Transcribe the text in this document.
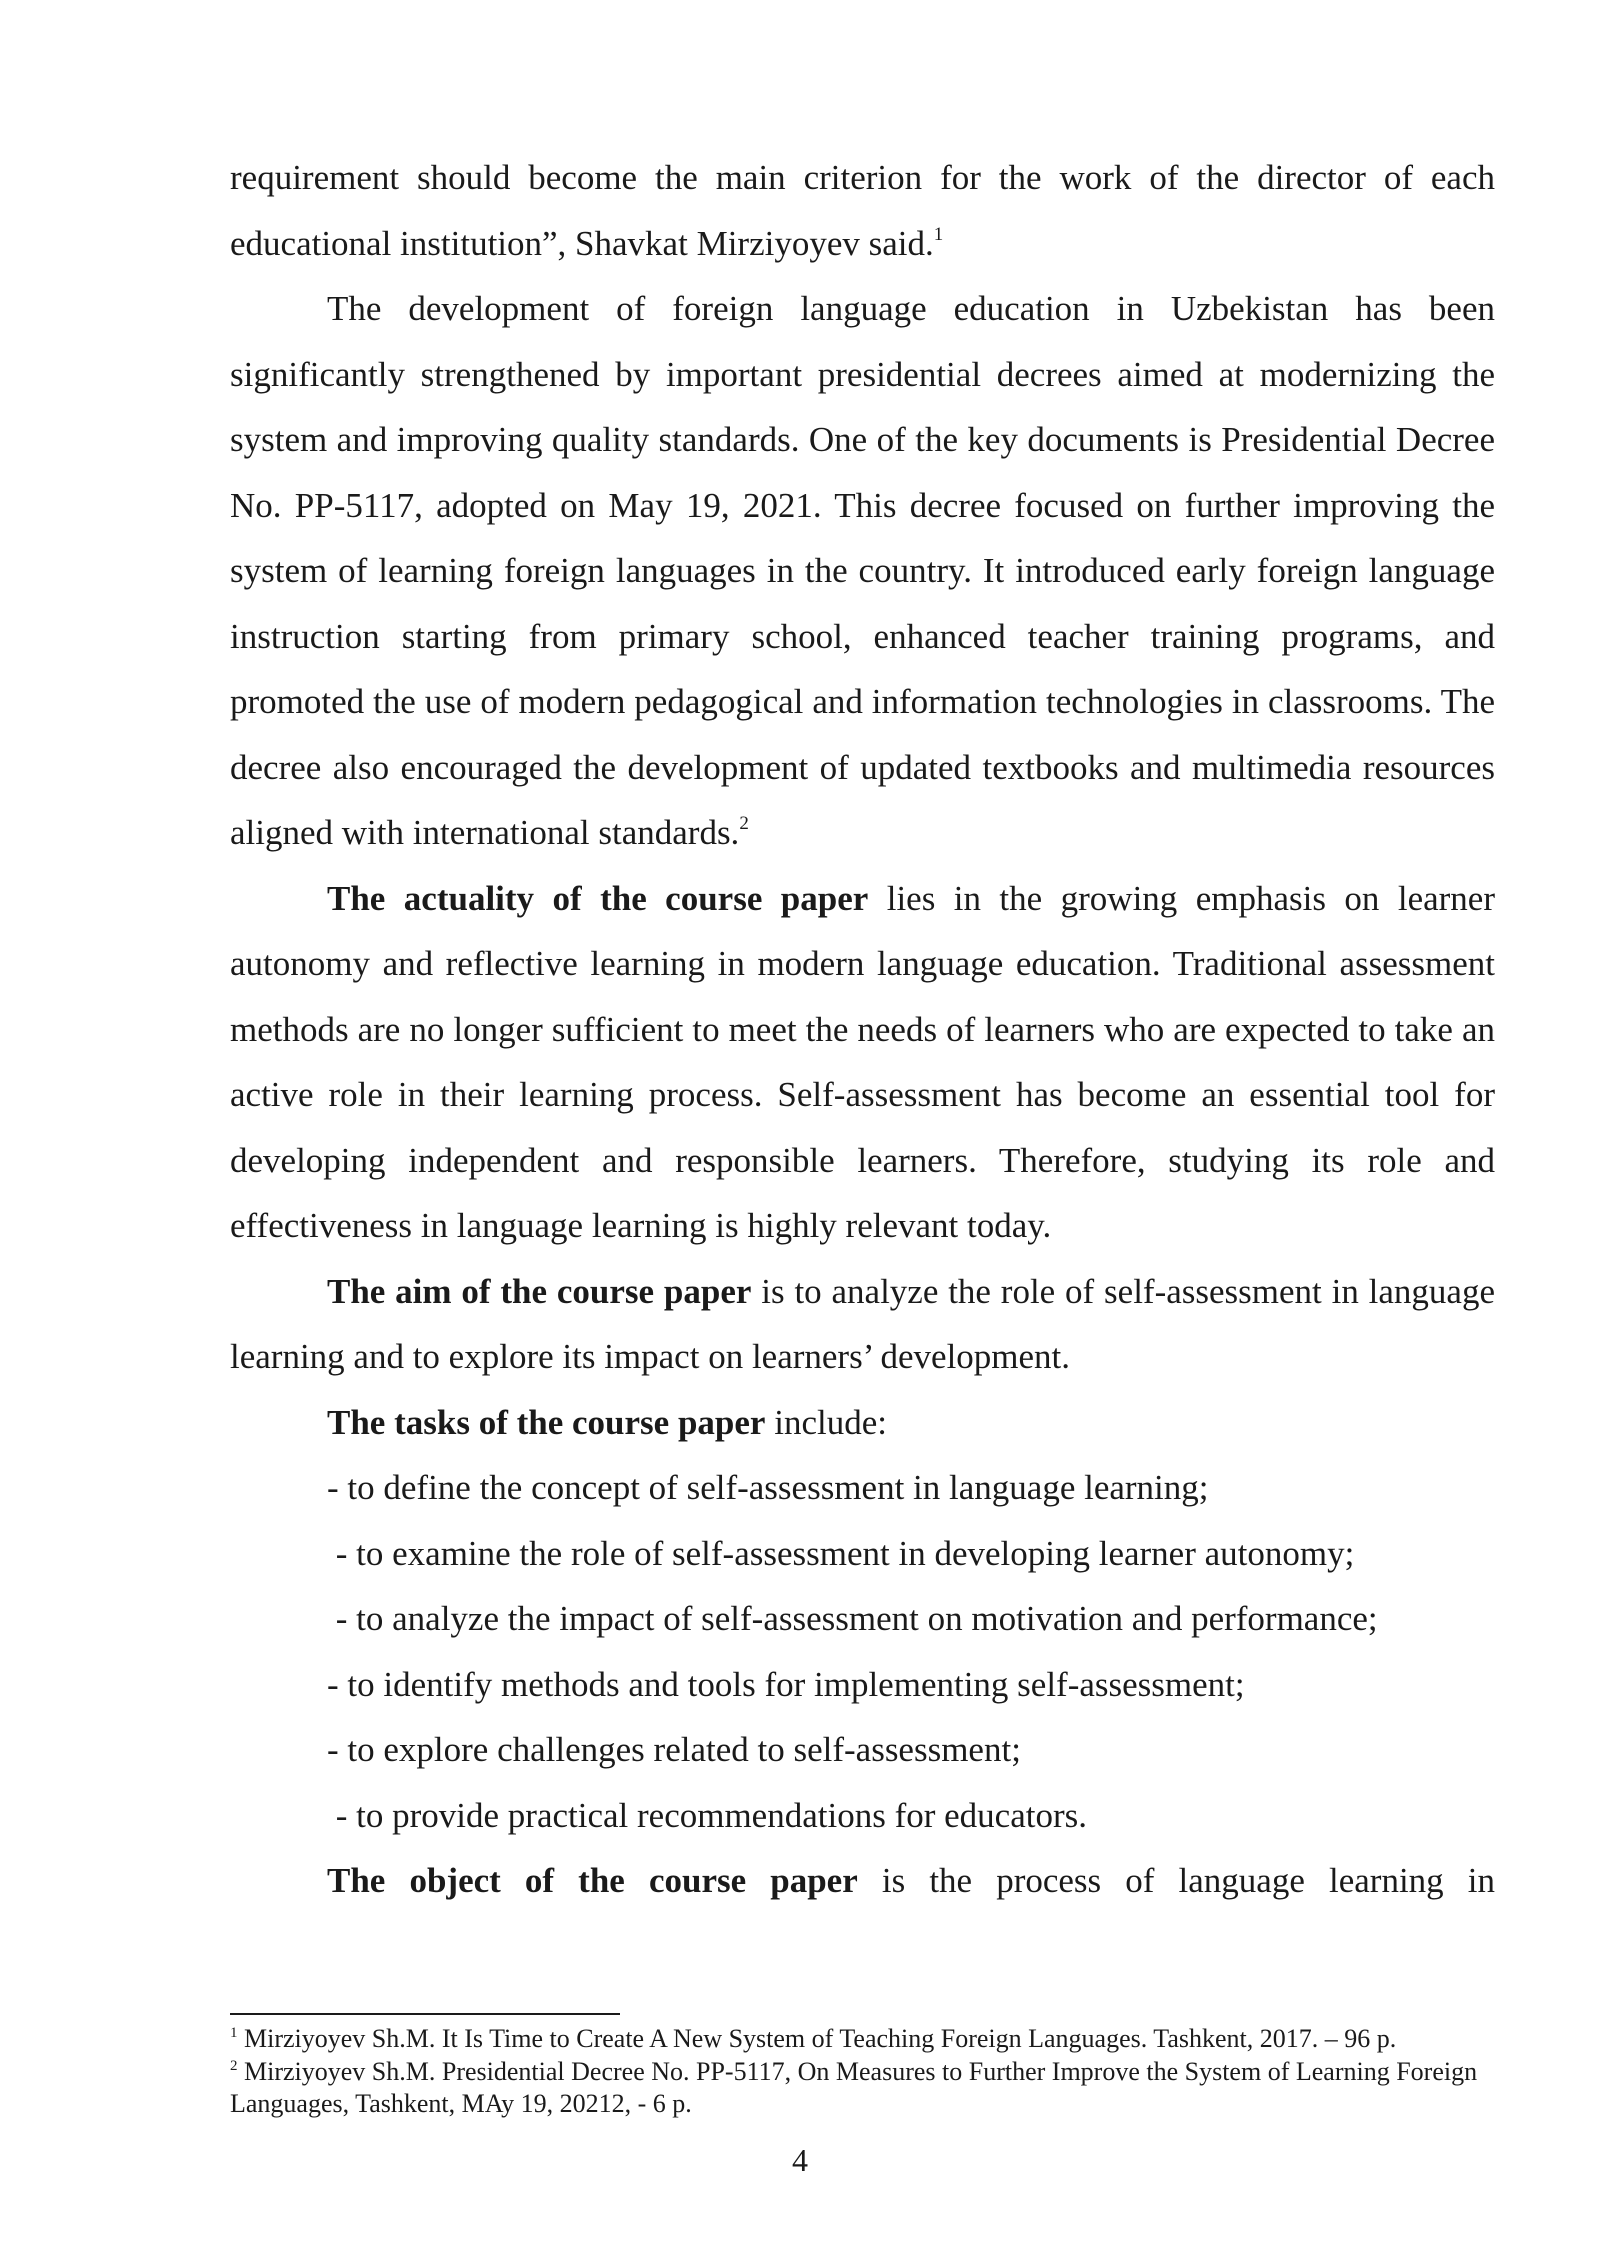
requirement should become the main criterion for the work of the director of each educational institution”, Shavkat Mirziyoyev said.$^1$

The development of foreign language education in Uzbekistan has been significantly strengthened by important presidential decrees aimed at modernizing the system and improving quality standards. One of the key documents is Presidential Decree No. PP-5117, adopted on May 19, 2021. This decree focused on further improving the system of learning foreign languages in the country. It introduced early foreign language instruction starting from primary school, enhanced teacher training programs, and promoted the use of modern pedagogical and information technologies in classrooms. The decree also encouraged the development of updated textbooks and multimedia resources aligned with international standards.$^2$

The actuality of the course paper lies in the growing emphasis on learner autonomy and reflective learning in modern language education. Traditional assessment methods are no longer sufficient to meet the needs of learners who are expected to take an active role in their learning process. Self-assessment has become an essential tool for developing independent and responsible learners. Therefore, studying its role and effectiveness in language learning is highly relevant today.

The aim of the course paper is to analyze the role of self-assessment in language learning and to explore its impact on learners’ development.

The tasks of the course paper include:

- to define the concept of self-assessment in language learning;

- to examine the role of self-assessment in developing learner autonomy;

- to analyze the impact of self-assessment on motivation and performance;

- to identify methods and tools for implementing self-assessment;

- to explore challenges related to self-assessment;

- to provide practical recommendations for educators.

The object of the course paper is the process of language learning in

$^1$ Mirziyoyev Sh.M. It Is Time to Create A New System of Teaching Foreign Languages. Tashkent, 2017. – 96 p.

$^2$ Mirziyoyev Sh.M. Presidential Decree No. PP-5117, On Measures to Further Improve the System of Learning Foreign Languages, Tashkent, MAy 19, 20212, - 6 p.

4
